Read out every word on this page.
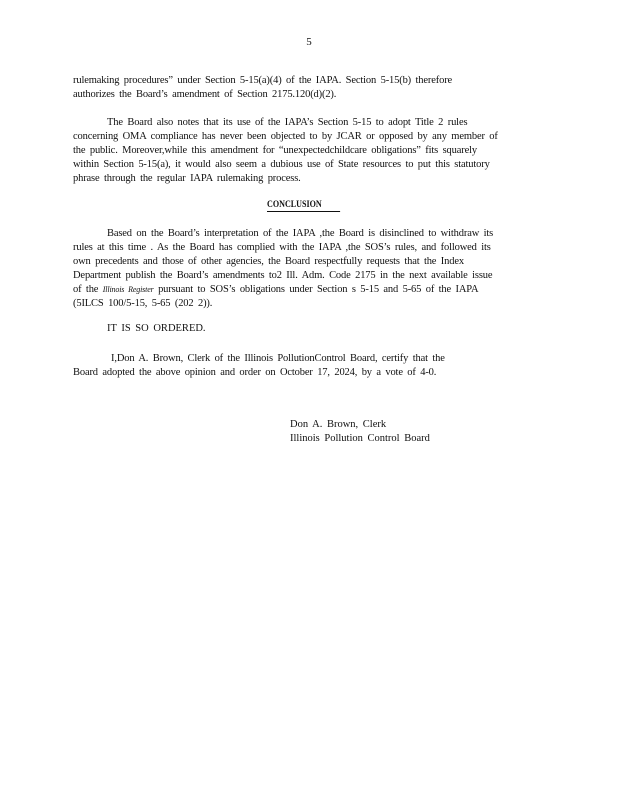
5
rulemaking procedures” under Section 5-15(a)(4) of the IAPA. Section 5-15(b) therefore
authorizes the Board’s amendment of Section 2175.120(d)(2).
The Board also notes that its use of the IAPA’s Section 5-15 to adopt Title 2 rules
concerning OMA compliance has never been objected to by JCAR or opposed by any member of
the public. Moreover,while this amendment for “unexpectedchildcare obligations” fits squarely
within Section 5-15(a), it would also seem a dubious use of State resources to put this statutory
phrase through the regular IAPA rulemaking process.
CONCLUSION
Based on the Board’s interpretation of the IAPA ,the Board is disinclined to withdraw its
rules at this time . As the Board has complied with the IAPA ,the SOS’s rules, and followed its
own precedents and those of other agencies, the Board respectfully requests that the Index
Department publish the Board’s amendments to2 Ill. Adm. Code 2175 in the next available issue
of the Illinois Register pursuant to SOS’s obligations under Section s 5-15 and 5-65 of the IAPA
(5ILCS 100/5-15, 5-65 (202 2)).
IT IS SO ORDERED.
I,Don A. Brown, Clerk of the Illinois PollutionControl Board, certify that the
Board adopted the above opinion and order on October 17, 2024, by a vote of 4-0.
Don A. Brown, Clerk
Illinois Pollution Control Board
